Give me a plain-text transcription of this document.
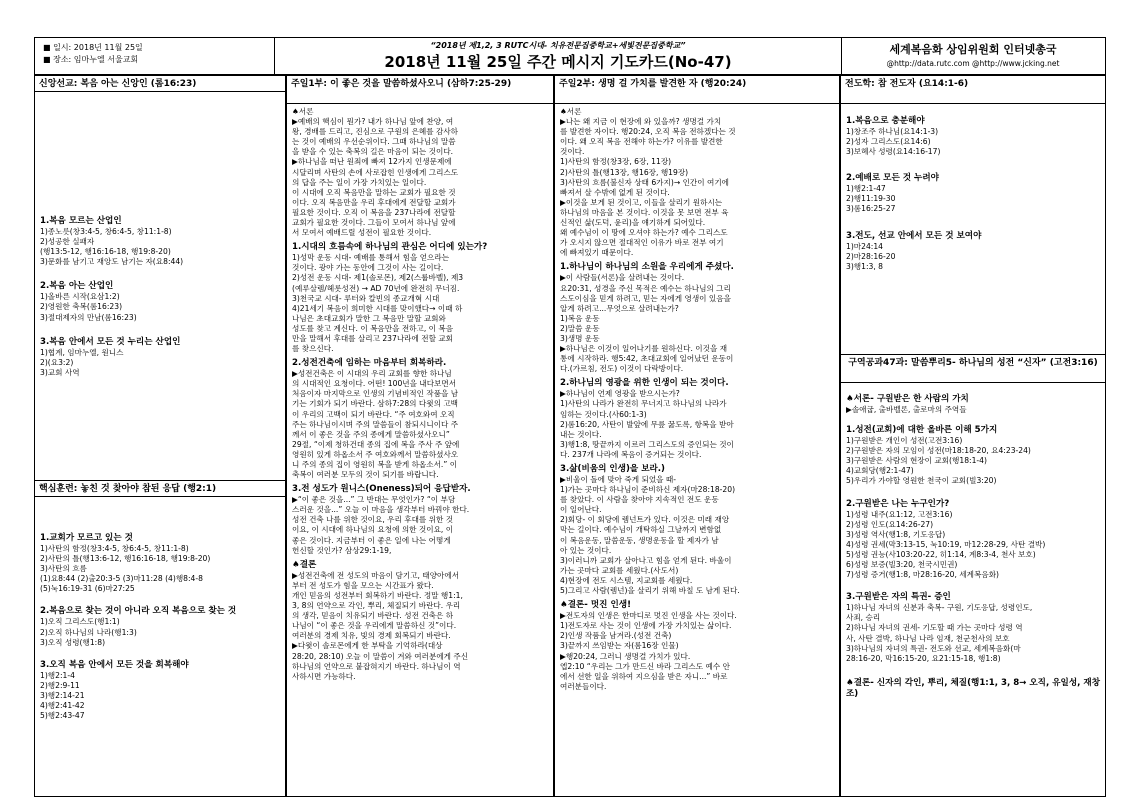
■ 일시: 2018년 11월 25일
■ 장소: 임마누엘 서울교회
“2018년 제1,2, 3 RUTC시대- 치유전문집중학교+세빛전문집중학교”
2018년 11월 25일 주간 메시지 기도카드(No-47)
세계복음화 상임위원회 인터넷총국
@http://data.rutc.com @http://www.jcking.net
신앙선교: 복음 아는 신앙인 (롬16:23)
1.복음 모르는 산업인
1)종노릇(창3:4-5, 창6:4-5, 창11:1-8)
2)성공한 실패자
(행13:5-12, 행16:16-18, 행19:8-20)
3)문화를 남기고 재앙도 남기는 자(요8:44)
2.복음 아는 산업인
1)올바른 시작(요삼1:2)
2)영원한 축복(롬16:23)
3)절대제자의 만남(롬16:23)
3.복음 안에서 모든 것 누리는 산업인
1)협계, 임마누엘, 원니스
2)(요3:2)
3)교회 사역
핵심훈련: 놓친 것 찾아야 참된 응답 (행2:1)
1.교회가 모르고 있는 것
1)사탄의 함정(창3:4-5, 창6:4-5, 창11:1-8)
2)사탄의 틀(행13:6-12, 행16:16-18, 행19:8-20)
3)사탄의 흐름
(1)요8:44 (2)출20:3-5 (3)마11:28 (4)행8:4-8
(5)눅16:19-31 (6)마27:25
2.복음으로 찾는 것이 아니라 오직 복음으로 찾는 것
1)오직 그리스도(행1:1)
2)오직 하나님의 나라(행1:3)
3)오직 성령(행1:8)
3.오직 복음 안에서 모든 것을 회복해야
1)행2:1-4
2)행2:9-11
3)행2:14-21
4)행2:41-42
5)행2:43-47
주일1부: 이 좋은 것을 말씀하셨사오니 (삼하7:25-29)
♠서론
▶예배의 핵심이 뭔가? 내가 하나님 앞에 찬양, 여
왕, 경배를 드리고, 진심으로 구원의 은혜를 감사하
는 것이 예배의 우선순위이다. 그때 하나님의 말씀
을 받을 수 있는 축복의 길은 마음이 되는 것이다.
▶하나님을 떠난 원죄에 빠져 12가지 인생문제에
시달리며 사탄의 손에 사로잡힌 인생에게 그리스도
의 답을 주는 일이 가장 가치있는 일이다.
이 시대에 오직 복음만을 말하는 교회가 필요한 것
이다. 오직 복음만을 우리 후대에게 전달할 교회가
필요한 것이다. 오직 이 복음을 237나라에 전달할
교회가 필요한 것이다. 그들이 모여서 하나님 앞에
서 모여서 예배드릴 성전이 필요한 것이다.
1.시대의 흐름속에 하나님의 관심은 어디에 있는가?
1)성막 운동 시대- 예배를 통해서 힘을 얻으라는
것이다. 광야 가는 동안에 그것이 사는 길이다.
2)성전 운동 시대- 제1(솔로몬), 제2(스룹바벨), 제3
(예루살렘/헤롯성전) → AD 70년에 완전히 무너짐.
3)천국교 시대- 루터와 칼빈의 종교개혁 시대
4)21세기 복음이 희미한 시대를 맞이했다→ 이때 하
나님은 초대교회가 말한 그 복음만 말할 교회와
성도를 찾고 계신다. 이 복음만을 전하고, 이 복음
만을 말해서 후대를 살리고 237나라에 전할 교회
를 찾으신다.
2.성전건축에 임하는 마음부터 회복하라.
▶성전건축은 이 시대의 우리 교회를 향한 하나님
의 시대적인 요청이다. 어떤! 100년을 내다보면서
처음이자 마지막으로 인생의 기념비적인 작품을 남
기는 기회가 되기 바란다. 삼하7:28의 다윗의 고백
이 우리의 고백이 되기 바란다. “주 여호와여 오직
주는 하나님이시며 주의 말씀들이 참되시니이다 주
께서 이 좋은 것을 주의 종에게 말씀하셨사오니”
29절, “이제 청하건대 종의 집에 복을 주사 주 앞에
영원히 있게 하옵소서 주 여호와께서 말씀하셨사오
니 주의 종의 집이 영원히 복을 받게 하옵소서.” 이
축복이 여러분 모두의 것이 되기를 바랍니다.
3.전 성도가 원니스(Oneness)되어 응답받자.
▶“이 좋은 것을...” 그 반대는 무엇인가? “이 부담
스러운 것을...” 오늘 이 마음을 생각부터 바꿔야 한다.
성전 건축 나를 위한 것이요, 우리 후대를 위한 것
이요, 이 시대에 하나님의 요청에 의한 것이요, 이
좋은 것이다. 지금부터 이 좋은 일에 나는 어떻게
헌신할 것인가? 삼상29:1-19,
♠결론
▶성전건축에 전 성도의 마음이 담기고, 태양아에서
부터 전 성도가 힘을 모으는 시간표가 왔다.
개인 믿음의 성전부터 회복하기 바란다. 정말 행1:1,
3, 8의 언약으로 각인, 뿌리, 체질되기 바란다. 우리
의 생각, 믿음이 치유되기 바란다. 성전 건축은 하
나님이 “이 좋은 것을 우리에게 말씀하신 것”이다.
여러분의 경제 치유, 빛의 경제 회복되기 바란다.
▶다윗이 솔로몬에게 한 부탁을 기억하라(대상
28:20, 28:10) 오늘 이 말씀이 겨와 여러분에게 주신
하나님의 언약으로 붙잡혀지기 바란다. 하나님이 역
사하시면 가능하다.
주일2부: 생명 걸 가치를 발견한 자 (행20:24)
♠서론
▶나는 왜 지금 이 현장에 와 있을까? 생명걸 가치
를 발견한 자이다. 행20:24, 오직 복음 전하겠다는 것
이다. 왜 오직 복음 전해야 하는가? 이유를 발견한
것이다.
1)사탄의 함정(창3장, 6장, 11장)
2)사탄의 틀(행13장, 행16장, 행19장)
3)사탄의 흐름(불신자 상태 6가지)→ 인간이 여기에
빠져서 살 수밖에 없게 된 것이다.
▶이것을 보게 된 것이고, 이들을 살리기 원하시는
하나님의 마음을 본 것이다. 이것을 못 보면 전부 육
신적인 삶(도덕, 윤리)을 얘기하게 되어있다.
왜 예수님이 이 땅에 오셔야 하는가? 예수 그리스도
가 오시지 않으면 절대적인 이유가 바로 전부 여기
에 빠져있기 때문이다.
1.하나님이 하나님의 소원을 우리에게 주셨다.
▶이 사람들(서론)을 살려내는 것이다.
요20:31, 성경을 주신 목적은 예수는 하나님의 그리
스도이심을 믿게 하려고, 믿는 자에게 영생이 있음을
알게 하려고...무엇으로 살려내는가?
1)복음 운동
2)말씀 운동
3)생명 운동
▶하나님은 이것이 일어나기를 원하신다. 이것을 재
통에 시작하라. 행5:42, 초대교회에 일어났던 운동이
다.(가르침, 전도) 이것이 다락방이다.
2.하나님의 영광을 위한 인생이 되는 것이다.
▶하나님이 언제 영광을 받으시는가?
1)사탄의 나라가 완전히 무너지고 하나님의 나라가
임하는 것이다.(사60:1-3)
2)롬16:20, 사탄이 발앞에 무릎 꿇도록, 항복을 받아
내는 것이다.
3)행1:8, 땅끝까지 이르러 그리스도의 증인되는 것이
다. 237개 나라에 복음이 증거되는 것이다.
3.삶(비움의 인생)을 보라.)
▶비울이 돌에 맞아 죽게 되었을 때-
1)가는 곳마다 하나님이 준비하신 제자(마28:18-20)
를 찾았다. 이 사람을 찾아야 지속적인 전도 운동
이 일어난다.
2)회당- 이 회당에 렘넌트가 있다. 이것은 미래 재앙
막는 길이다. 예수님이 개탁하실 그날까지 변함없
이 복음운동, 말씀운동, 생명운동을 할 제자가 남
아 있는 것이다.
3)이러니까 교회가 살아나고 힘을 얻게 된다. 바울이
가는 곳마다 교회를 세웠다.(사도서)
4)현장에 전도 시스템, 지교회를 세웠다.
5)그리고 사람(렘넌)을 살리기 위해 바칠 도 남게 된다.
♠결론- 멋진 인생!
▶전도자의 인생은 한마디로 멋진 인생을 사는 것이다.
1)전도자로 사는 것이 인생에 가장 가치있는 삶이다.
2)인생 작품을 남겨라.(성전 건축)
3)끝까지 쓰임받는 자(롬16장 인물)
▶행20:24, 그러니 생명걸 가치가 있다.
엡2:10 “우리는 그가 만드신 바라 그리스도 예수 안
에서 선한 일을 위하여 지으심을 받은 자니...” 바로
여러분들이다.
전도학: 참 전도자 (요14:1-6)
1.복음으로 충분해야
1)창조주 하나님(요14:1-3)
2)성자 그리스도(요14:6)
3)보혜사 성령(요14:16-17)
2.예배로 모든 것 누려야
1)행2:1-47
2)행11:19-30
3)롬16:25-27
3.전도, 선교 안에서 모든 것 보여야
1)마24:14
2)마28:16-20
3)행1:3, 8
구역공과47과: 말씀뿌리5- 하나님의 성전 “신자” (고전3:16)
♠서론- 구원받은 한 사람의 가치
▶솔애굽, 출바벨론, 출로마의 주역들
1.성전(교회)에 대한 올바른 이해 5가지
1)구원받은 개인이 성전(고전3:16)
2)구원받은 자의 모임이 성전(마18:18-20, 요4:23-24)
3)구원받은 사람의 현장이 교회(행18:1-4)
4)교회당(행2:1-47)
5)우리가 가야할 영원한 천국이 교회(빌3:20)
2.구원받은 나는 누구인가?
1)성령 내주(요1:12, 고전3:16)
2)성령 인도(요14:26-27)
3)성령 역사(행1:8, 기도응답)
4)성령 권세(막3:13-15, 눅10:19, 마12:28-29, 사탄 결박)
5)성령 권능(사103:20-22, 히1:14, 계8:3-4, 천사 보호)
6)성령 보증(빌3:20, 천국시민권)
7)성령 증거(행1:8, 마28:16-20, 세계복음화)
3.구원받은 자의 특권- 증인
1)하나님 자녀의 신분과 축복- 구원, 기도응답, 성령인도,
사죄, 승리
2)하나님 자녀의 권세- 기도할 때 가는 곳마다 성령 역
사, 사탄 결박, 하나님 나라 임재, 천군천사의 보호
3)하나님의 자녀의 특권- 전도와 선교, 세계복음화(마
28:16-20, 막16:15-20, 요21:15-18, 행1:8)
♠결론- 신자의 각인, 뿌리, 체질(행1:1, 3, 8→ 오직, 유일성, 재창조)
